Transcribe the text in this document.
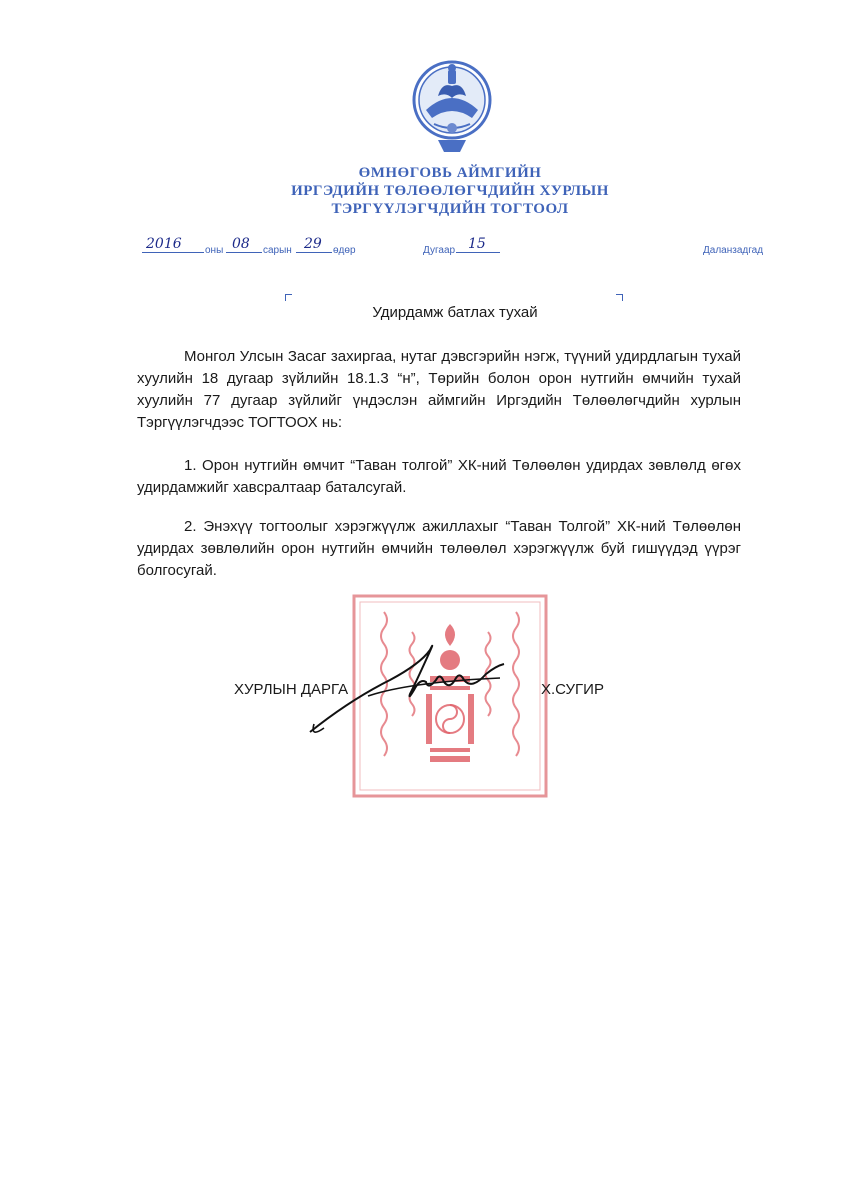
ӨМНӨГОВЬ АЙМГИЙН
ИРГЭДИЙН ТӨЛӨӨЛӨГЧДИЙН ХУРЛЫН
ТЭРГҮҮЛЭГЧДИЙН ТОГТООЛ
2016 оны 08 сарын 29 өдөр	Дугаар 15	Даланзадгад
Удирдамж батлах тухай
Монгол Улсын Засаг захиргаа, нутаг дэвсгэрийн нэгж, түүний удирдлагын тухай хуулийн 18 дугаар зүйлийн 18.1.3 “н”, Төрийн болон орон нутгийн өмчийн тухай хуулийн 77 дугаар зүйлийг үндэслэн аймгийн Иргэдийн Төлөөлөгчдийн хурлын Тэргүүлэгчдээс ТОГТООХ нь:
1. Орон нутгийн өмчит “Таван толгой” ХК-ний Төлөөлөн удирдах зөвлөлд өгөх удирдамжийг хавсралтаар баталсугай.
2. Энэхүү тогтоолыг хэрэгжүүлж ажиллахыг “Таван Толгой” ХК-ний Төлөөлөн удирдах зөвлөлийн орон нутгийн өмчийн төлөөлөл хэрэгжүүлж буй гишүүдэд үүрэг болгосугай.
ХУРЛЫН ДАРГА	Х.СУГИР
